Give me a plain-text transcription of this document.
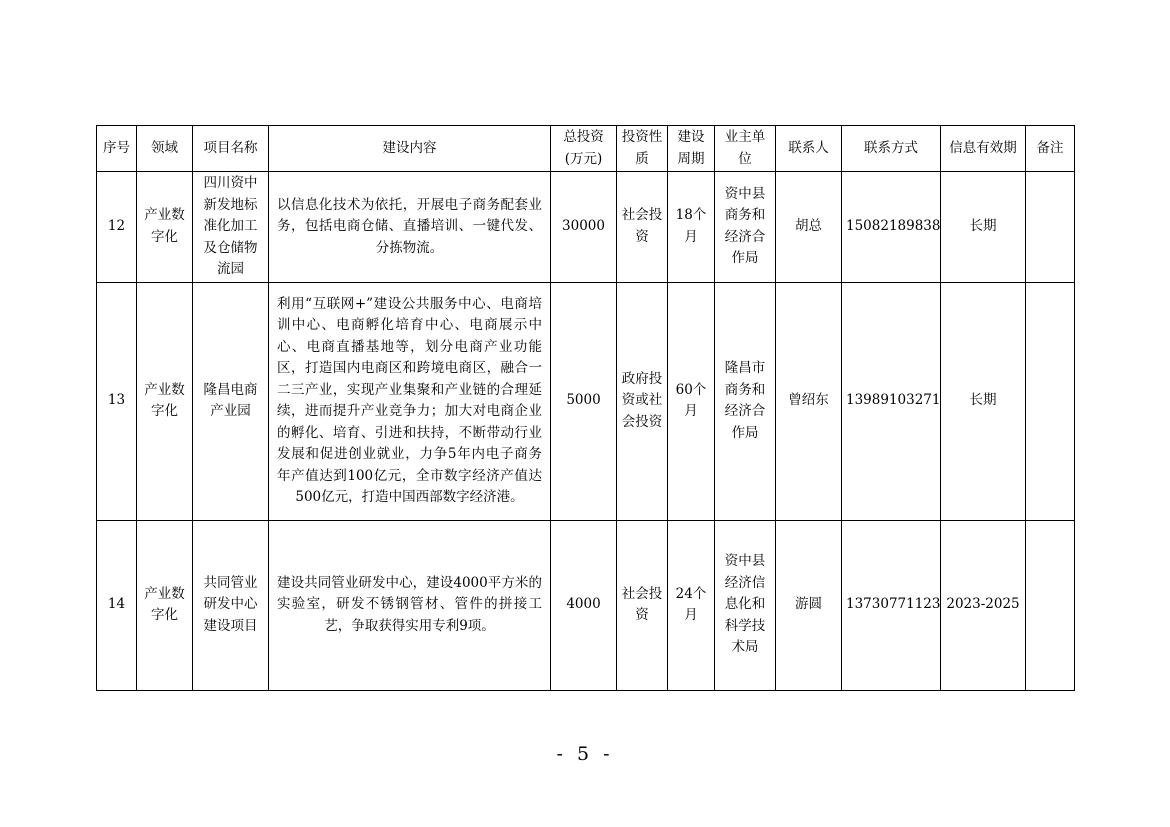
序号	领域	项目名称	建设内容	总投资(万元)	投资性质	建设周期	业主单位	联系人	联系方式	信息有效期	备注
12	产业数字化	四川资中新发地标准化加工及仓储物流园	以信息化技术为依托，开展电子商务配套业务，包括电商仓储、直播培训、一键代发、分拣物流。	30000	社会投资	18个月	资中县商务和经济合作局	胡总	15082189838	长期	
13	产业数字化	隆昌电商产业园	利用“互联网+”建设公共服务中心、电商培训中心、电商孵化培育中心、电商展示中心、电商直播基地等，划分电商产业功能区，打造国内电商区和跨境电商区，融合一二三产业，实现产业集聚和产业链的合理延续，进而提升产业竞争力；加大对电商企业的孵化、培育、引进和扶持，不断带动行业发展和促进创业就业，力争5年内电子商务年产值达到100亿元，全市数字经济产值达500亿元，打造中国西部数字经济港。	5000	政府投资或社会投资	60个月	隆昌市商务和经济合作局	曾绍东	13989103271	长期	
14	产业数字化	共同管业研发中心建设项目	建设共同管业研发中心，建设4000平方米的实验室，研发不锈钢管材、管件的拼接工艺，争取获得实用专利9项。	4000	社会投资	24个月	资中县经济信息化和科学技术局	游圆	13730771123	2023-2025	
- 5 -
